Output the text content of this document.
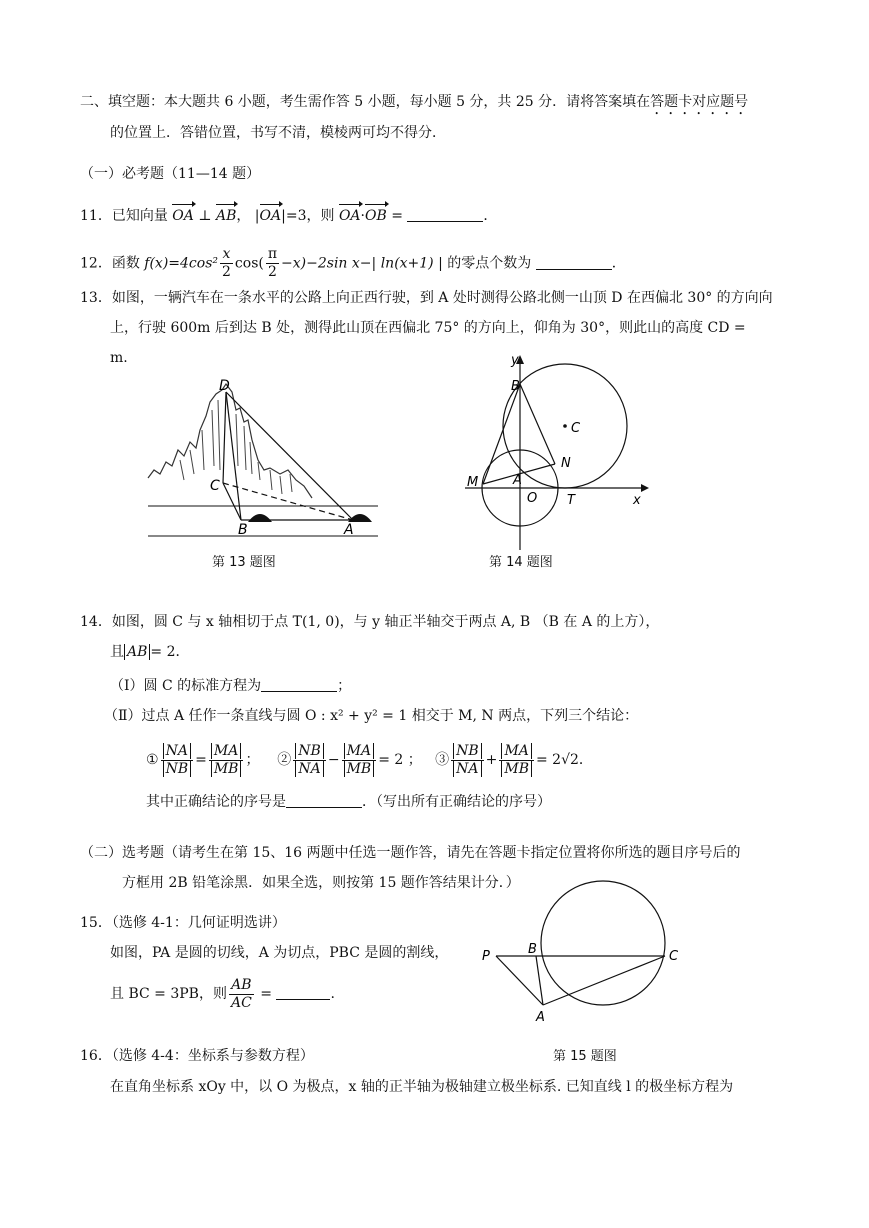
二、填空题：本大题共 6 小题，考生需作答 5 小题，每小题 5 分，共 25 分．请将答案填在答题卡对应题号
的位置上．答错位置，书写不清，模棱两可均不得分．
（一）必考题（11—14 题）
11．已知向量 OA ⊥ AB， |OA|=3，则 OA·OB =	．
12．函数 $f(x)=4\cos^2 \frac{x}{2} \cos( \frac{\pi}{2} -x)-2\sin$ x−| ln(x+1) | 的零点个数为	．
13．如图，一辆汽车在一条水平的公路上向正西行驶，到 A 处时测得公路北侧一山顶 D 在西偏北 30° 的方向向
上，行驶 600m 后到达 B 处，测得此山顶在西偏北 75° 的方向上，仰角为 30°，则此山的高度 CD =
m.
D
C
B	A
第 13 题图
B
C
N
M	A
O T	x
y
第 14 题图
14．如图，圆 C 与 x 轴相切于点 T(1, 0)，与 y 轴正半轴交于两点 A, B （B 在 A 的上方），
且 AB = 2．
（Ⅰ）圆 C 的标准方程为	；
（Ⅱ）过点 A 任作一条直线与圆 O : x² + y² = 1 相交于 M, N 两点，下列三个结论：
① $\frac{NA}{NB} = \frac{MA}{MB}$ ； ② $\frac{NB}{NA} - \frac{MA}{MB} = 2$ ； ③ $\frac{NB}{NA} + \frac{MA}{MB} = 2√2$．
其中正确结论的序号是	．（写出所有正确结论的序号）
（二）选考题（请考生在第 15、16 两题中任选一题作答，请先在答题卡指定位置将你所选的题目序号后的
方框用 2B 铅笔涂黑．如果全选，则按第 15 题作答结果计分．）
15．（选修 4-1：几何证明选讲）
如图，PA 是圆的切线，A 为切点，PBC 是圆的割线，
且 BC = 3PB，则 $\frac{AB}{AC}$ =	.
P	B	C
A
第 15 题图
16．（选修 4-4：坐标系与参数方程）
在直角坐标系 xOy 中，以 O 为极点，x 轴的正半轴为极轴建立极坐标系. 已知直线 l 的极坐标方程为
